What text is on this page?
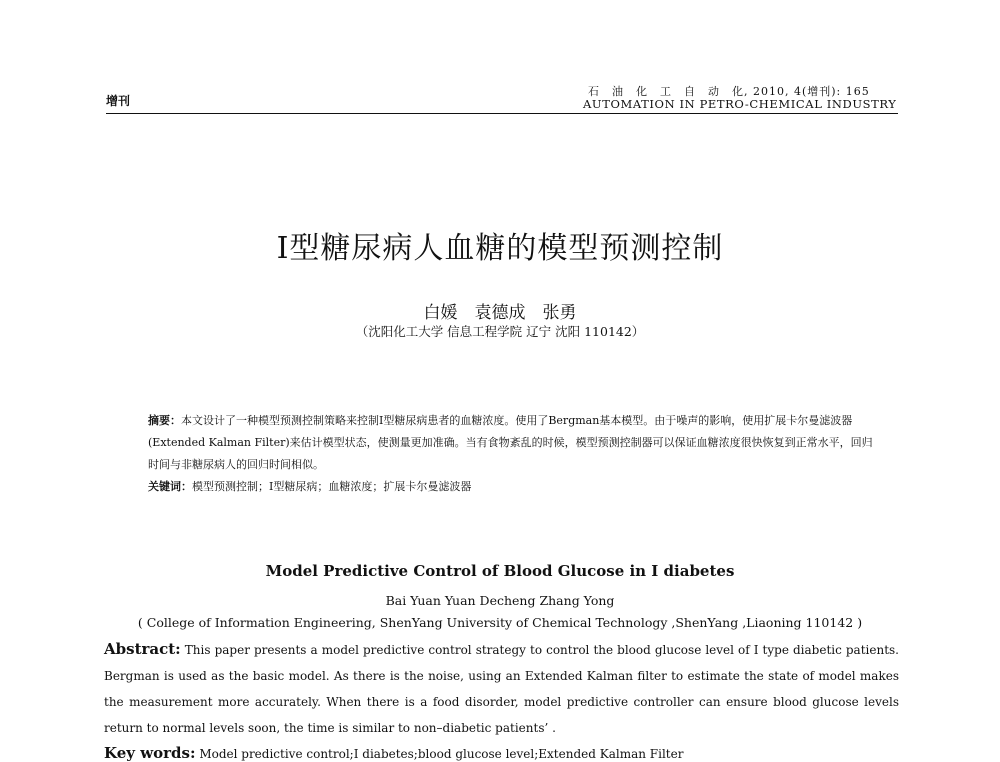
增刊
石　油　化　工　自　动　化, 2010, 4(增刊): 165
AUTOMATION IN PETRO-CHEMICAL INDUSTRY
I型糖尿病人血糖的模型预测控制
白媛　袁德成　张勇
（沈阳化工大学 信息工程学院 辽宁 沈阳 110142）

摘要：本文设计了一种模型预测控制策略来控制I型糖尿病患者的血糖浓度。使用了Bergman基本模型。由于噪声的影响，使用扩展卡尔曼滤波器(Extended Kalman Filter)来估计模型状态，使测量更加准确。当有食物紊乱的时候，模型预测控制器可以保证血糖浓度很快恢复到正常水平，回归时间与非糖尿病人的回归时间相似。

关键词：模型预测控制；I型糖尿病；血糖浓度；扩展卡尔曼滤波器
Model Predictive Control of Blood Glucose in I diabetes
Bai Yuan Yuan Decheng Zhang Yong
( College of Information Engineering, ShenYang University of Chemical Technology ,ShenYang ,Liaoning 110142 )
Abstract: This paper presents a model predictive control strategy to control the blood glucose level of I type diabetic patients. Bergman is used as the basic model. As there is the noise, using an Extended Kalman filter to estimate the state of model makes the measurement more accurately. When there is a food disorder, model predictive controller can ensure blood glucose levels return to normal levels soon, the time is similar to non–diabetic patients’ .
Key words: Model predictive control;I diabetes;blood glucose level;Extended Kalman Filter
